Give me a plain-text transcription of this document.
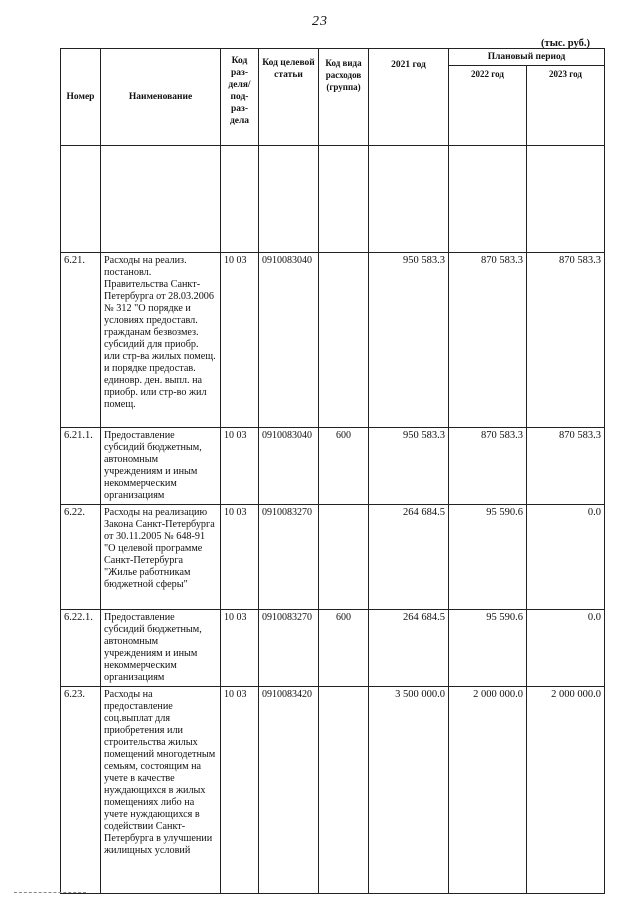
23
(тыс. руб.)
Номер	Наименование	Код раз-деля/ под-раз-дела	Код целевой статьи	Код вида расходов (группа)	2021 год	Плановый период	
						2022 год	2023 год

6.21.	Расходы на реализ. постановл. Правительства Санкт-Петербурга от 28.03.2006 № 312 "О порядке и условиях предоставл. гражданам безвозмез. субсидий для приобр. или стр-ва жилых помещ. и порядке предостав. единовр. ден. выпл. на приобр. или стр-во жил помещ.	10 03	0910083040		950 583.3	870 583.3	870 583.3
6.21.1.	Предоставление субсидий бюджетным, автономным учреждениям и иным некоммерческим организациям	10 03	0910083040	600	950 583.3	870 583.3	870 583.3
6.22.	Расходы на реализацию Закона Санкт-Петербурга от 30.11.2005 № 648-91 "О целевой программе Санкт-Петербурга "Жилье работникам бюджетной сферы"	10 03	0910083270		264 684.5	95 590.6	0.0
6.22.1.	Предоставление субсидий бюджетным, автономным учреждениям и иным некоммерческим организациям	10 03	0910083270	600	264 684.5	95 590.6	0.0
6.23.	Расходы на предоставление соц.выплат для приобретения или строительства жилых помещений многодетным семьям, состоящим на учете в качестве нуждающихся в жилых помещениях либо на учете нуждающихся в содействии Санкт-Петербурга в улучшении жилищных условий	10 03	0910083420		3 500 000.0	2 000 000.0	2 000 000.0
